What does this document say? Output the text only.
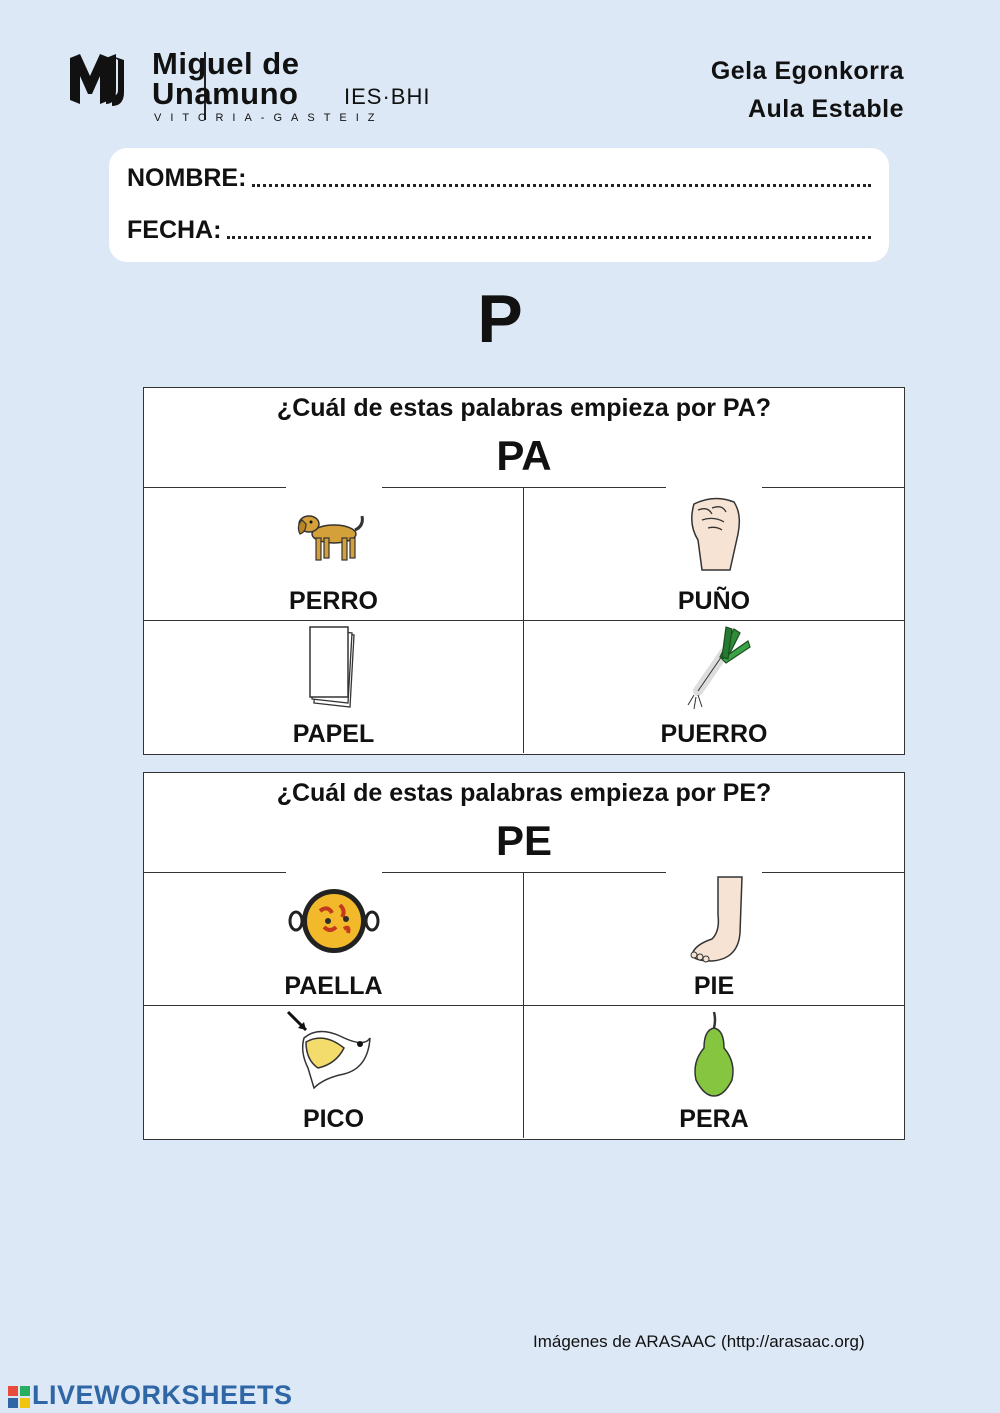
Miguel de
Unamuno IES·BHI
VITORIA-GASTEIZ
Gela Egonkorra
Aula Estable
NOMBRE:
FECHA:
P
¿Cuál de estas palabras empieza por PA?
PA
PERRO	PUÑO
PAPEL	PUERRO
¿Cuál de estas palabras empieza por PE?
PE
PAELLA	PIE
PICO	PERA
Imágenes de ARASAAC (http://arasaac.org)
LIVEWORKSHEETS
